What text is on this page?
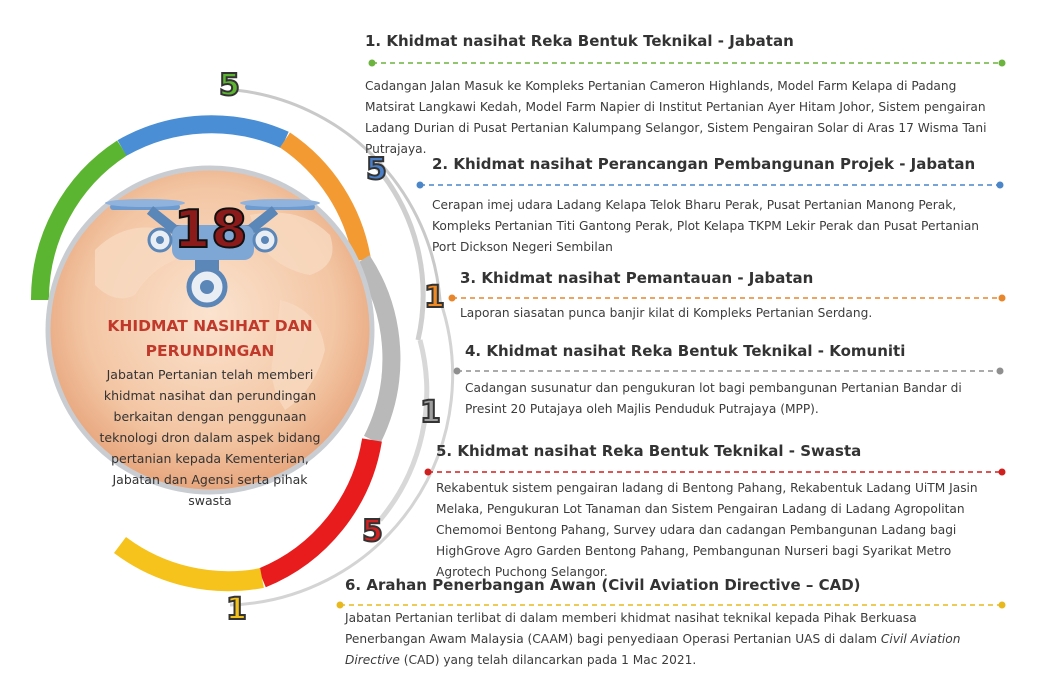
5
5
1
1
5
1
18
KHIDMAT NASIHAT DAN
PERUNDINGAN
Jabatan Pertanian telah memberi khidmat nasihat dan perundingan berkaitan dengan penggunaan teknologi dron dalam aspek bidang pertanian kepada Kementerian, Jabatan dan Agensi serta pihak swasta
1. Khidmat nasihat Reka Bentuk Teknikal - Jabatan
Cadangan Jalan Masuk ke Kompleks Pertanian Cameron Highlands, Model Farm Kelapa di Padang Matsirat Langkawi Kedah, Model Farm Napier di Institut Pertanian Ayer Hitam Johor, Sistem pengairan Ladang Durian di Pusat Pertanian Kalumpang Selangor, Sistem Pengairan Solar di Aras 17 Wisma Tani Putrajaya.
2. Khidmat nasihat Perancangan Pembangunan Projek - Jabatan
Cerapan imej udara Ladang Kelapa Telok Bharu Perak, Pusat Pertanian Manong Perak, Kompleks Pertanian Titi Gantong Perak, Plot Kelapa TKPM Lekir Perak dan Pusat Pertanian Port Dickson Negeri Sembilan
3. Khidmat nasihat Pemantauan - Jabatan
Laporan siasatan punca banjir kilat di Kompleks Pertanian Serdang.
4. Khidmat nasihat Reka Bentuk Teknikal - Komuniti
Cadangan susunatur dan pengukuran lot bagi pembangunan Pertanian Bandar di Presint 20 Putajaya oleh Majlis Penduduk Putrajaya (MPP).
5. Khidmat nasihat Reka Bentuk Teknikal - Swasta
Rekabentuk sistem pengairan ladang di Bentong Pahang, Rekabentuk Ladang UiTM Jasin Melaka, Pengukuran Lot Tanaman dan Sistem Pengairan Ladang di Ladang Agropolitan Chemomoi Bentong Pahang, Survey udara dan cadangan Pembangunan Ladang bagi HighGrove Agro Garden Bentong Pahang, Pembangunan Nurseri bagi Syarikat Metro Agrotech Puchong Selangor.
6. Arahan Penerbangan Awan (Civil Aviation Directive – CAD)
Jabatan Pertanian terlibat di dalam memberi khidmat nasihat teknikal kepada Pihak Berkuasa Penerbangan Awam Malaysia (CAAM) bagi penyediaan Operasi Pertanian UAS di dalam Civil Aviation Directive (CAD) yang telah dilancarkan pada 1 Mac 2021.
